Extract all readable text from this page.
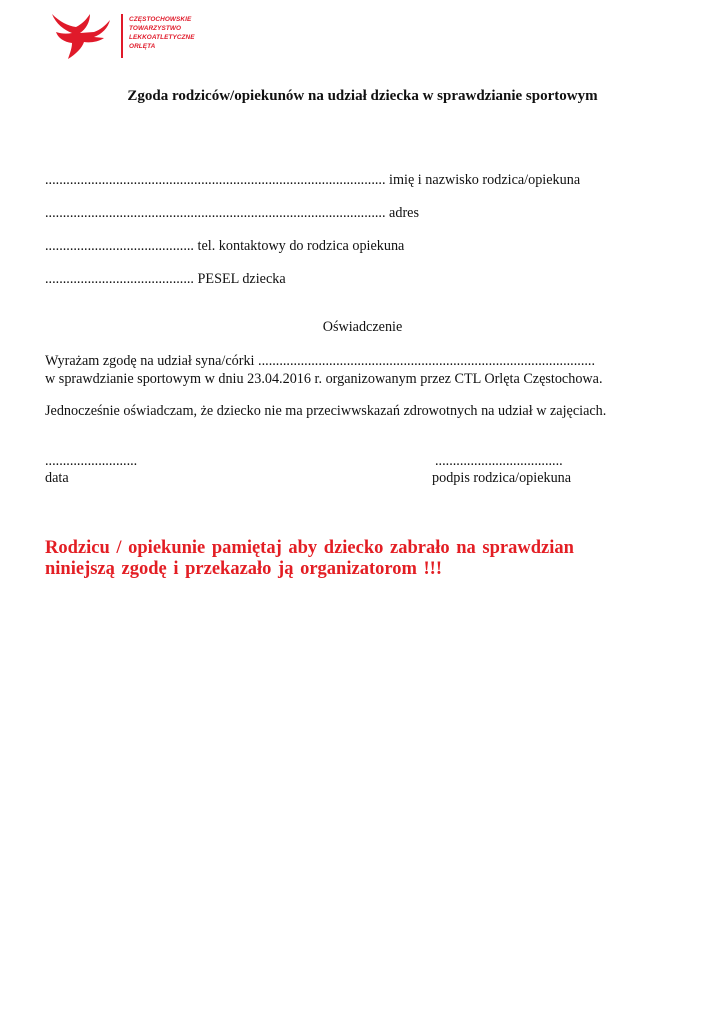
CZĘSTOCHOWSKIE
TOWARZYSTWO
LEKKOATLETYCZNE
ORLĘTA
Zgoda rodziców/opiekunów na udział dziecka w sprawdzianie sportowym
................................................................................................ imię i nazwisko rodzica/opiekuna
................................................................................................ adres
.......................................... tel. kontaktowy do rodzica opiekuna
.......................................... PESEL dziecka
Oświadczenie
Wyrażam zgodę na udział syna/córki ...............................................................................................
w sprawdzianie sportowym w dniu 23.04.2016 r. organizowanym przez CTL Orlęta Częstochowa.
Jednocześnie oświadczam, że dziecko nie ma przeciwwskazań zdrowotnych na udział w zajęciach.
..........................
data
....................................
podpis rodzica/opiekuna
Rodzicu / opiekunie pamiętaj aby dziecko zabrało na sprawdzian
niniejszą zgodę i przekazało ją organizatorom !!!
